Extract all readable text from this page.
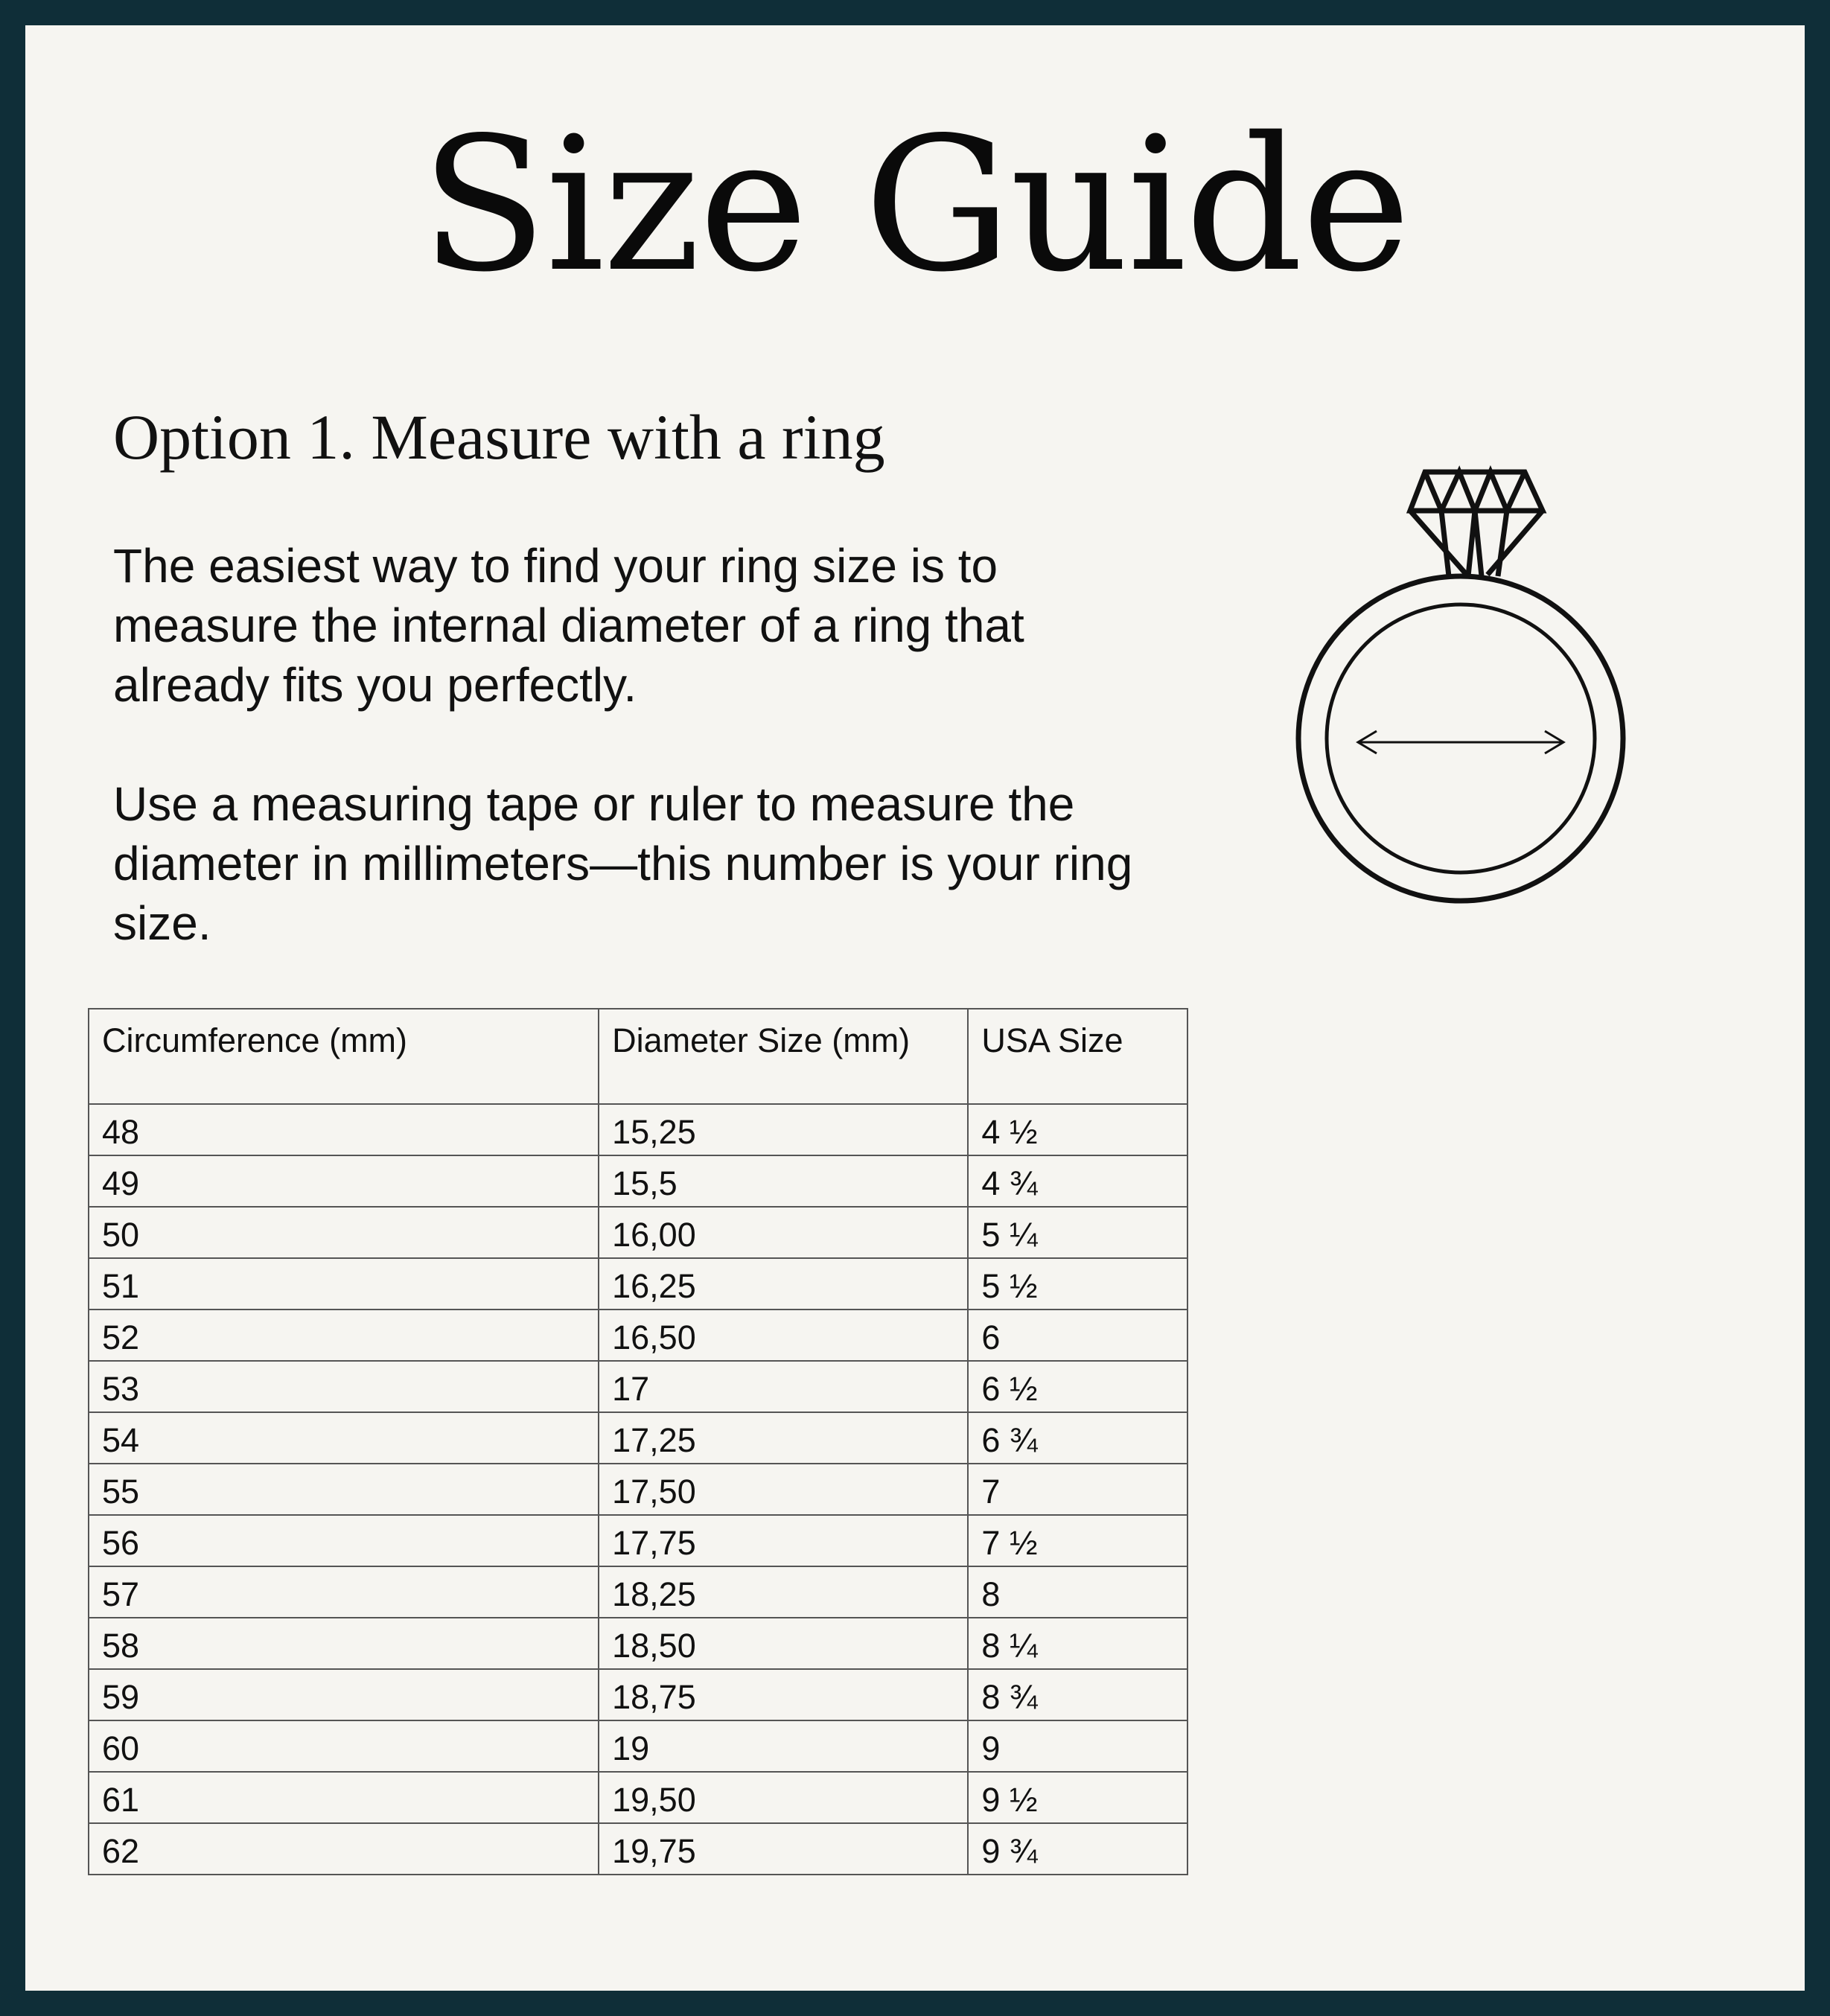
Size Guide
Option 1. Measure with a ring

The easiest way to find your ring size is to measure the internal diameter of a ring that already fits you perfectly.

Use a measuring tape or ruler to measure the diameter in millimeters—this number is your ring size.

Circumference (mm)	Diameter Size (mm)	USA Size
48	15,25	4 ½
49	15,5	4 ¾
50	16,00	5 ¼
51	16,25	5 ½
52	16,50	6
53	17	6 ½
54	17,25	6 ¾
55	17,50	7
56	17,75	7 ½
57	18,25	8
58	18,50	8 ¼
59	18,75	8 ¾
60	19	9
61	19,50	9 ½
62	19,75	9 ¾
